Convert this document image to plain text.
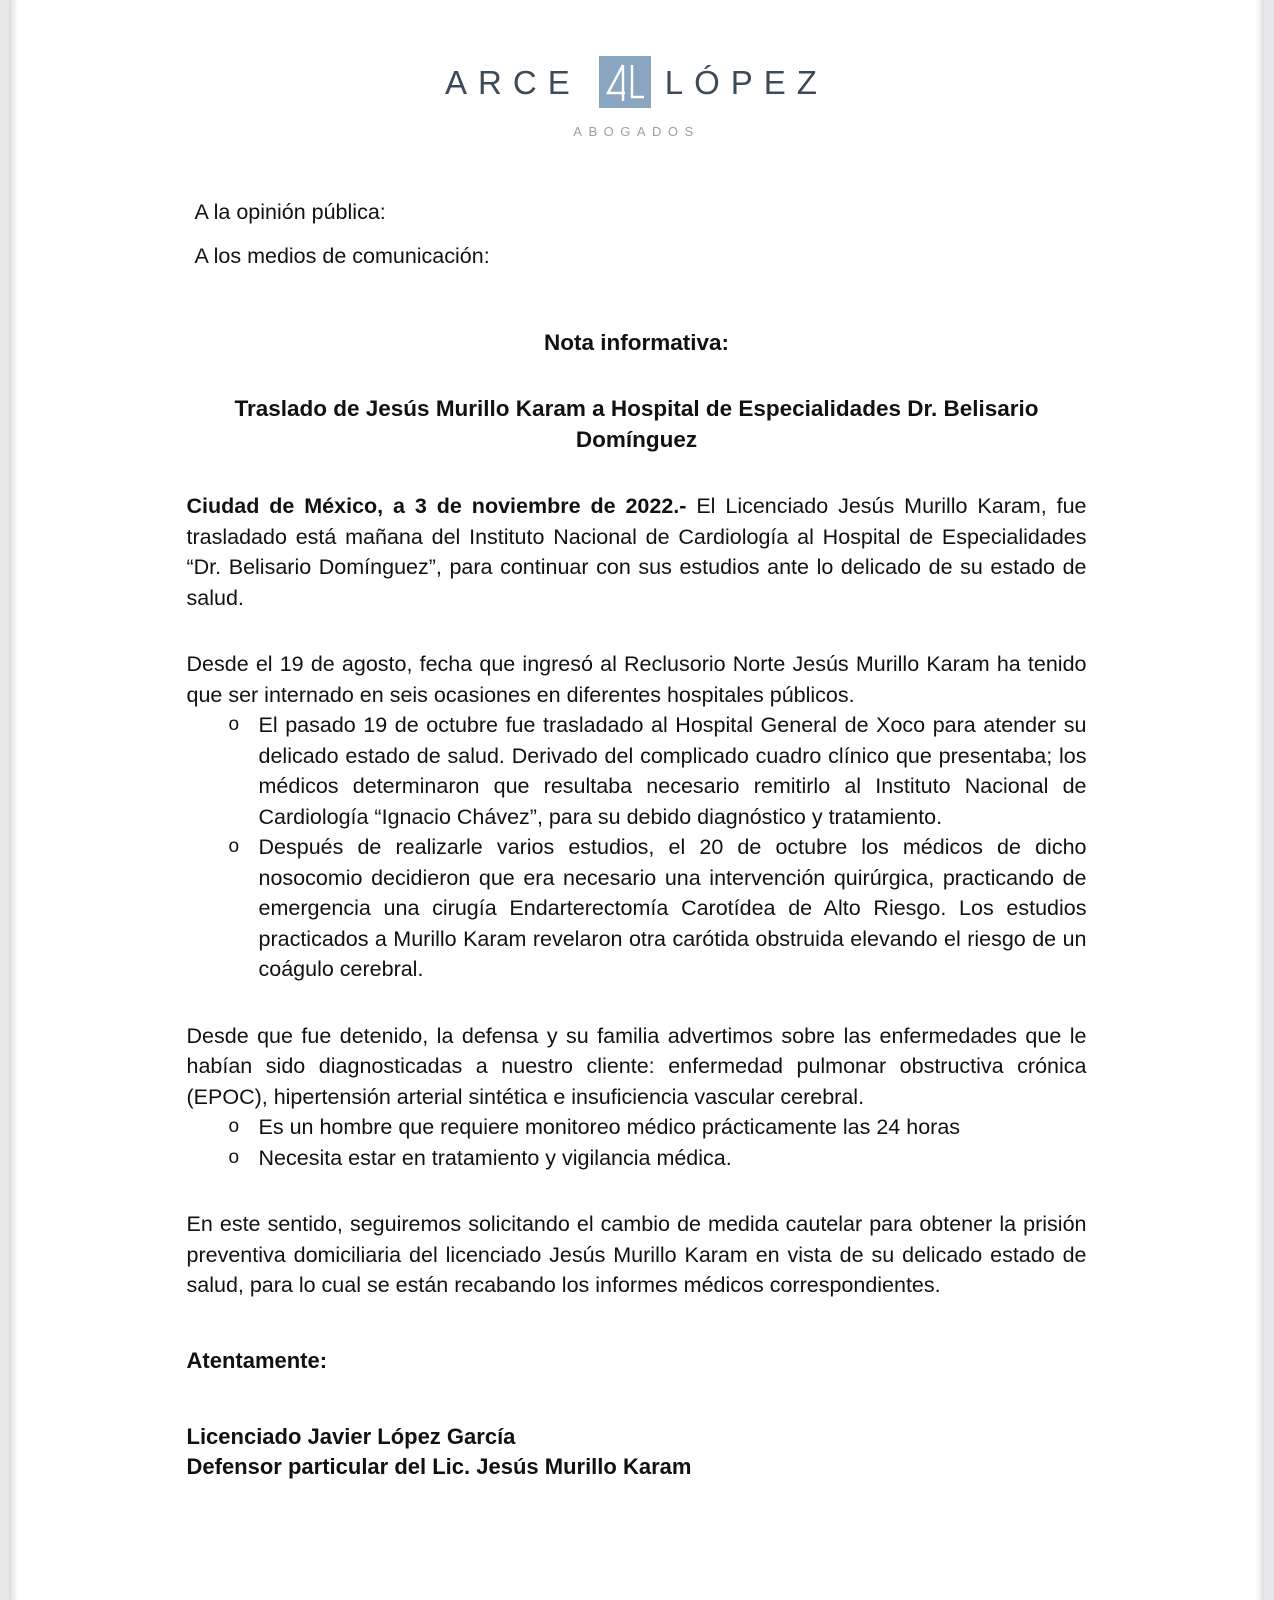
ARCE	LÓPEZ
ABOGADOS

A la opinión pública:

A los medios de comunicación:

Nota informativa:
Traslado de Jesús Murillo Karam a Hospital de Especialidades Dr. Belisario Domínguez

Ciudad de México, a 3 de noviembre de 2022.- El Licenciado Jesús Murillo Karam, fue trasladado está mañana del Instituto Nacional de Cardiología al Hospital de Especialidades “Dr. Belisario Domínguez”, para continuar con sus estudios ante lo delicado de su estado de salud.

Desde el 19 de agosto, fecha que ingresó al Reclusorio Norte Jesús Murillo Karam ha tenido que ser internado en seis ocasiones en diferentes hospitales públicos.

o El pasado 19 de octubre fue trasladado al Hospital General de Xoco para atender su delicado estado de salud. Derivado del complicado cuadro clínico que presentaba; los médicos determinaron que resultaba necesario remitirlo al Instituto Nacional de Cardiología “Ignacio Chávez”, para su debido diagnóstico y tratamiento.
o Después de realizarle varios estudios, el 20 de octubre los médicos de dicho nosocomio decidieron que era necesario una intervención quirúrgica, practicando de emergencia una cirugía Endarterectomía Carotídea de Alto Riesgo. Los estudios practicados a Murillo Karam revelaron otra carótida obstruida elevando el riesgo de un coágulo cerebral.

Desde que fue detenido, la defensa y su familia advertimos sobre las enfermedades que le habían sido diagnosticadas a nuestro cliente: enfermedad pulmonar obstructiva crónica (EPOC), hipertensión arterial sintética e insuficiencia vascular cerebral.

o Es un hombre que requiere monitoreo médico prácticamente las 24 horas
o Necesita estar en tratamiento y vigilancia médica.

En este sentido, seguiremos solicitando el cambio de medida cautelar para obtener la prisión preventiva domiciliaria del licenciado Jesús Murillo Karam en vista de su delicado estado de salud, para lo cual se están recabando los informes médicos correspondientes.

Atentamente:

Licenciado Javier López García

Defensor particular del Lic. Jesús Murillo Karam
